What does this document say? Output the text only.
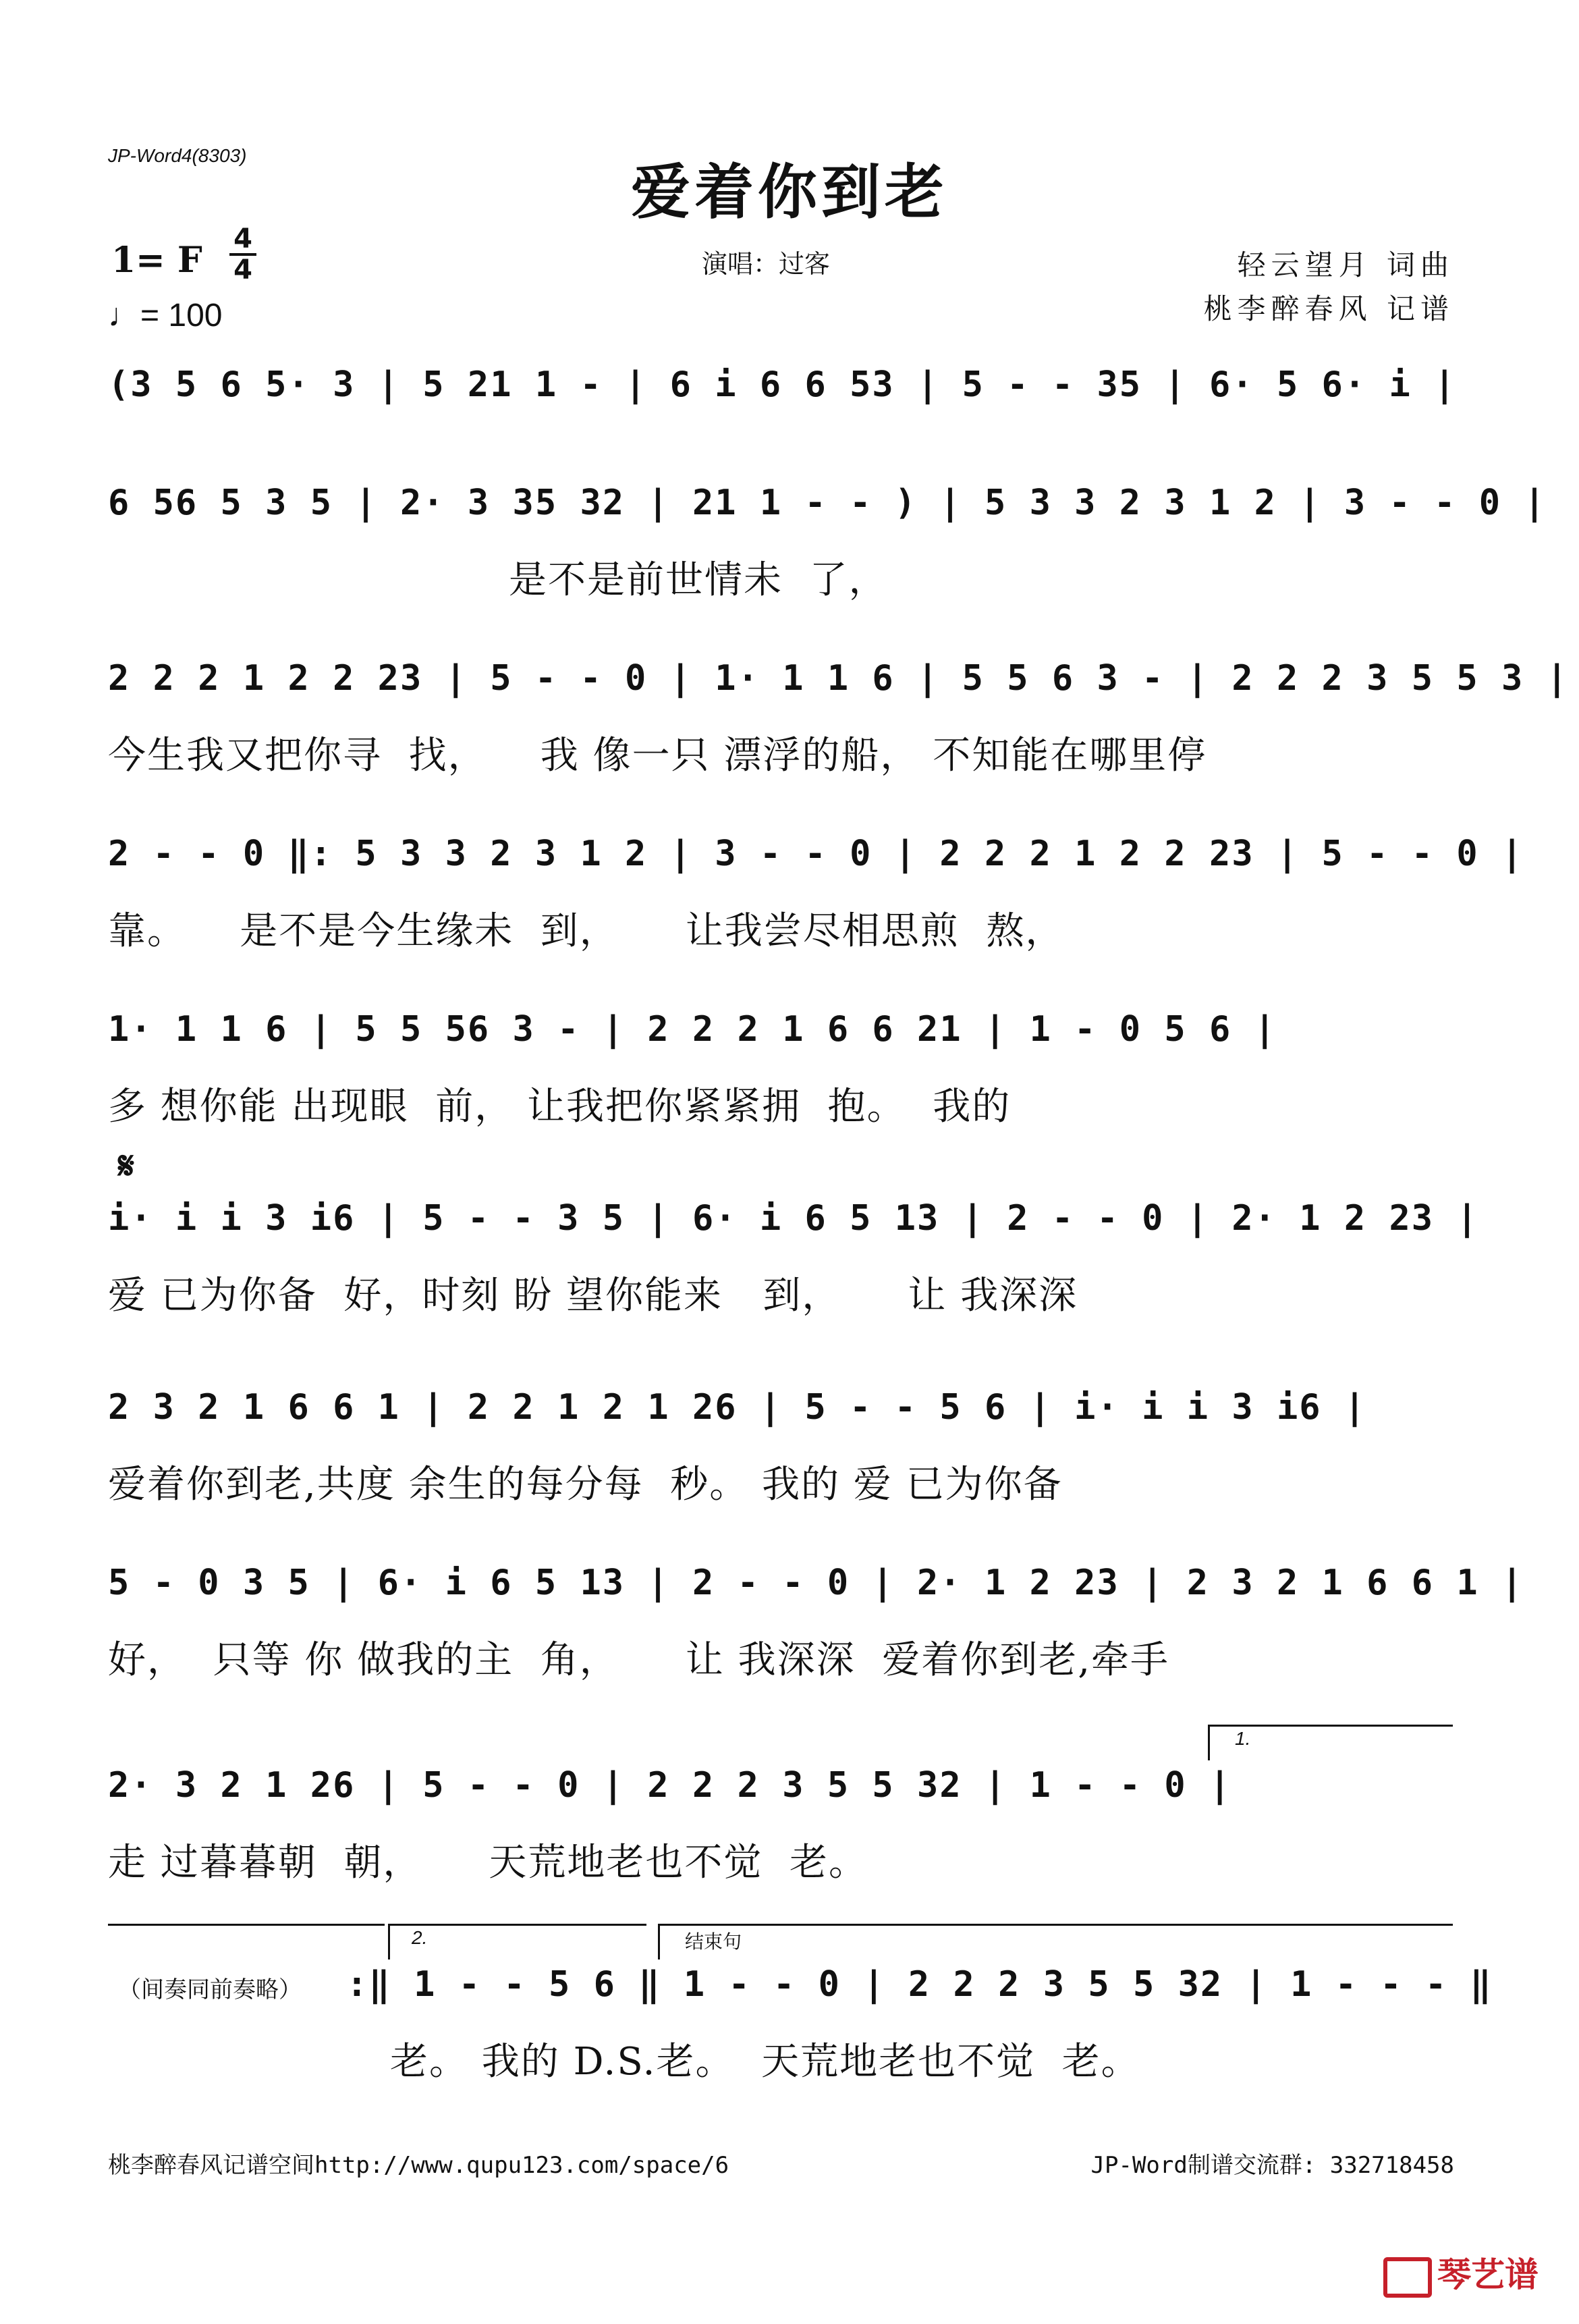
JP-Word4(8303)
爱着你到老
1= F
4
4
♩= 100
演唱：过客	轻云望月 词曲
桃李醉春风 记谱
(3 5 6 5· 3 | 5 21 1 - | 6 i 6 6 53 | 5 - - 35 | 6· 5 6· i |
6 56 5 3 5 | 2· 3 35 32 | 21 1 - - ) | 5 3 3 2 3 1 2 | 3 - - 0 |
是不是前世情未  了，
2 2 2 1 2 2 23 | 5 - - 0 | 1· 1 1 6 | 5 5 6 3 - | 2 2 2 3 5 5 3 |
今生我又把你寻  找，    我 像一只 漂浮的船， 不知能在哪里停
2 - - 0 ‖: 5 3 3 2 3 1 2 | 3 - - 0 | 2 2 2 1 2 2 23 | 5 - - 0 |
靠。    是不是今生缘未  到，     让我尝尽相思煎  熬，
1· 1 1 6 | 5 5 56 3 - | 2 2 2 1 6 6 21 | 1 - 0 5 6 |
多 想你能 出现眼  前， 让我把你紧紧拥  抱。  我的
𝄋
i· i i 3 i6 | 5 - - 3 5 | 6· i 6 5 13 | 2 - - 0 | 2· 1 2 23 |
爱 已为你备  好，时刻 盼 望你能来   到，     让 我深深
2 3 2 1 6 6 1 | 2 2 1 2 1 26 | 5 - - 5 6 | i· i i 3 i6 |
爱着你到老,共度 余生的每分每  秒。 我的 爱 已为你备
5 - 0 3 5 | 6· i 6 5 13 | 2 - - 0 | 2· 1 2 23 | 2 3 2 1 6 6 1 |
好，  只等 你 做我的主  角，     让 我深深  爱着你到老,牵手
1.
2· 3 2 1 26 | 5 - - 0 | 2 2 2 3 5 5 32 | 1 - - 0 |
走 过暮暮朝  朝，     天荒地老也不觉  老。
2.	结束句
（间奏同前奏略）
:‖ 1 - - 5 6 ‖ 1 - - 0 | 2 2 2 3 5 5 32 | 1 - - - ‖
老。 我的 D.S.老。  天荒地老也不觉  老。
桃李醉春风记谱空间http://www.qupu123.com/space/6	JP-Word制谱交流群: 332718458
琴艺谱
